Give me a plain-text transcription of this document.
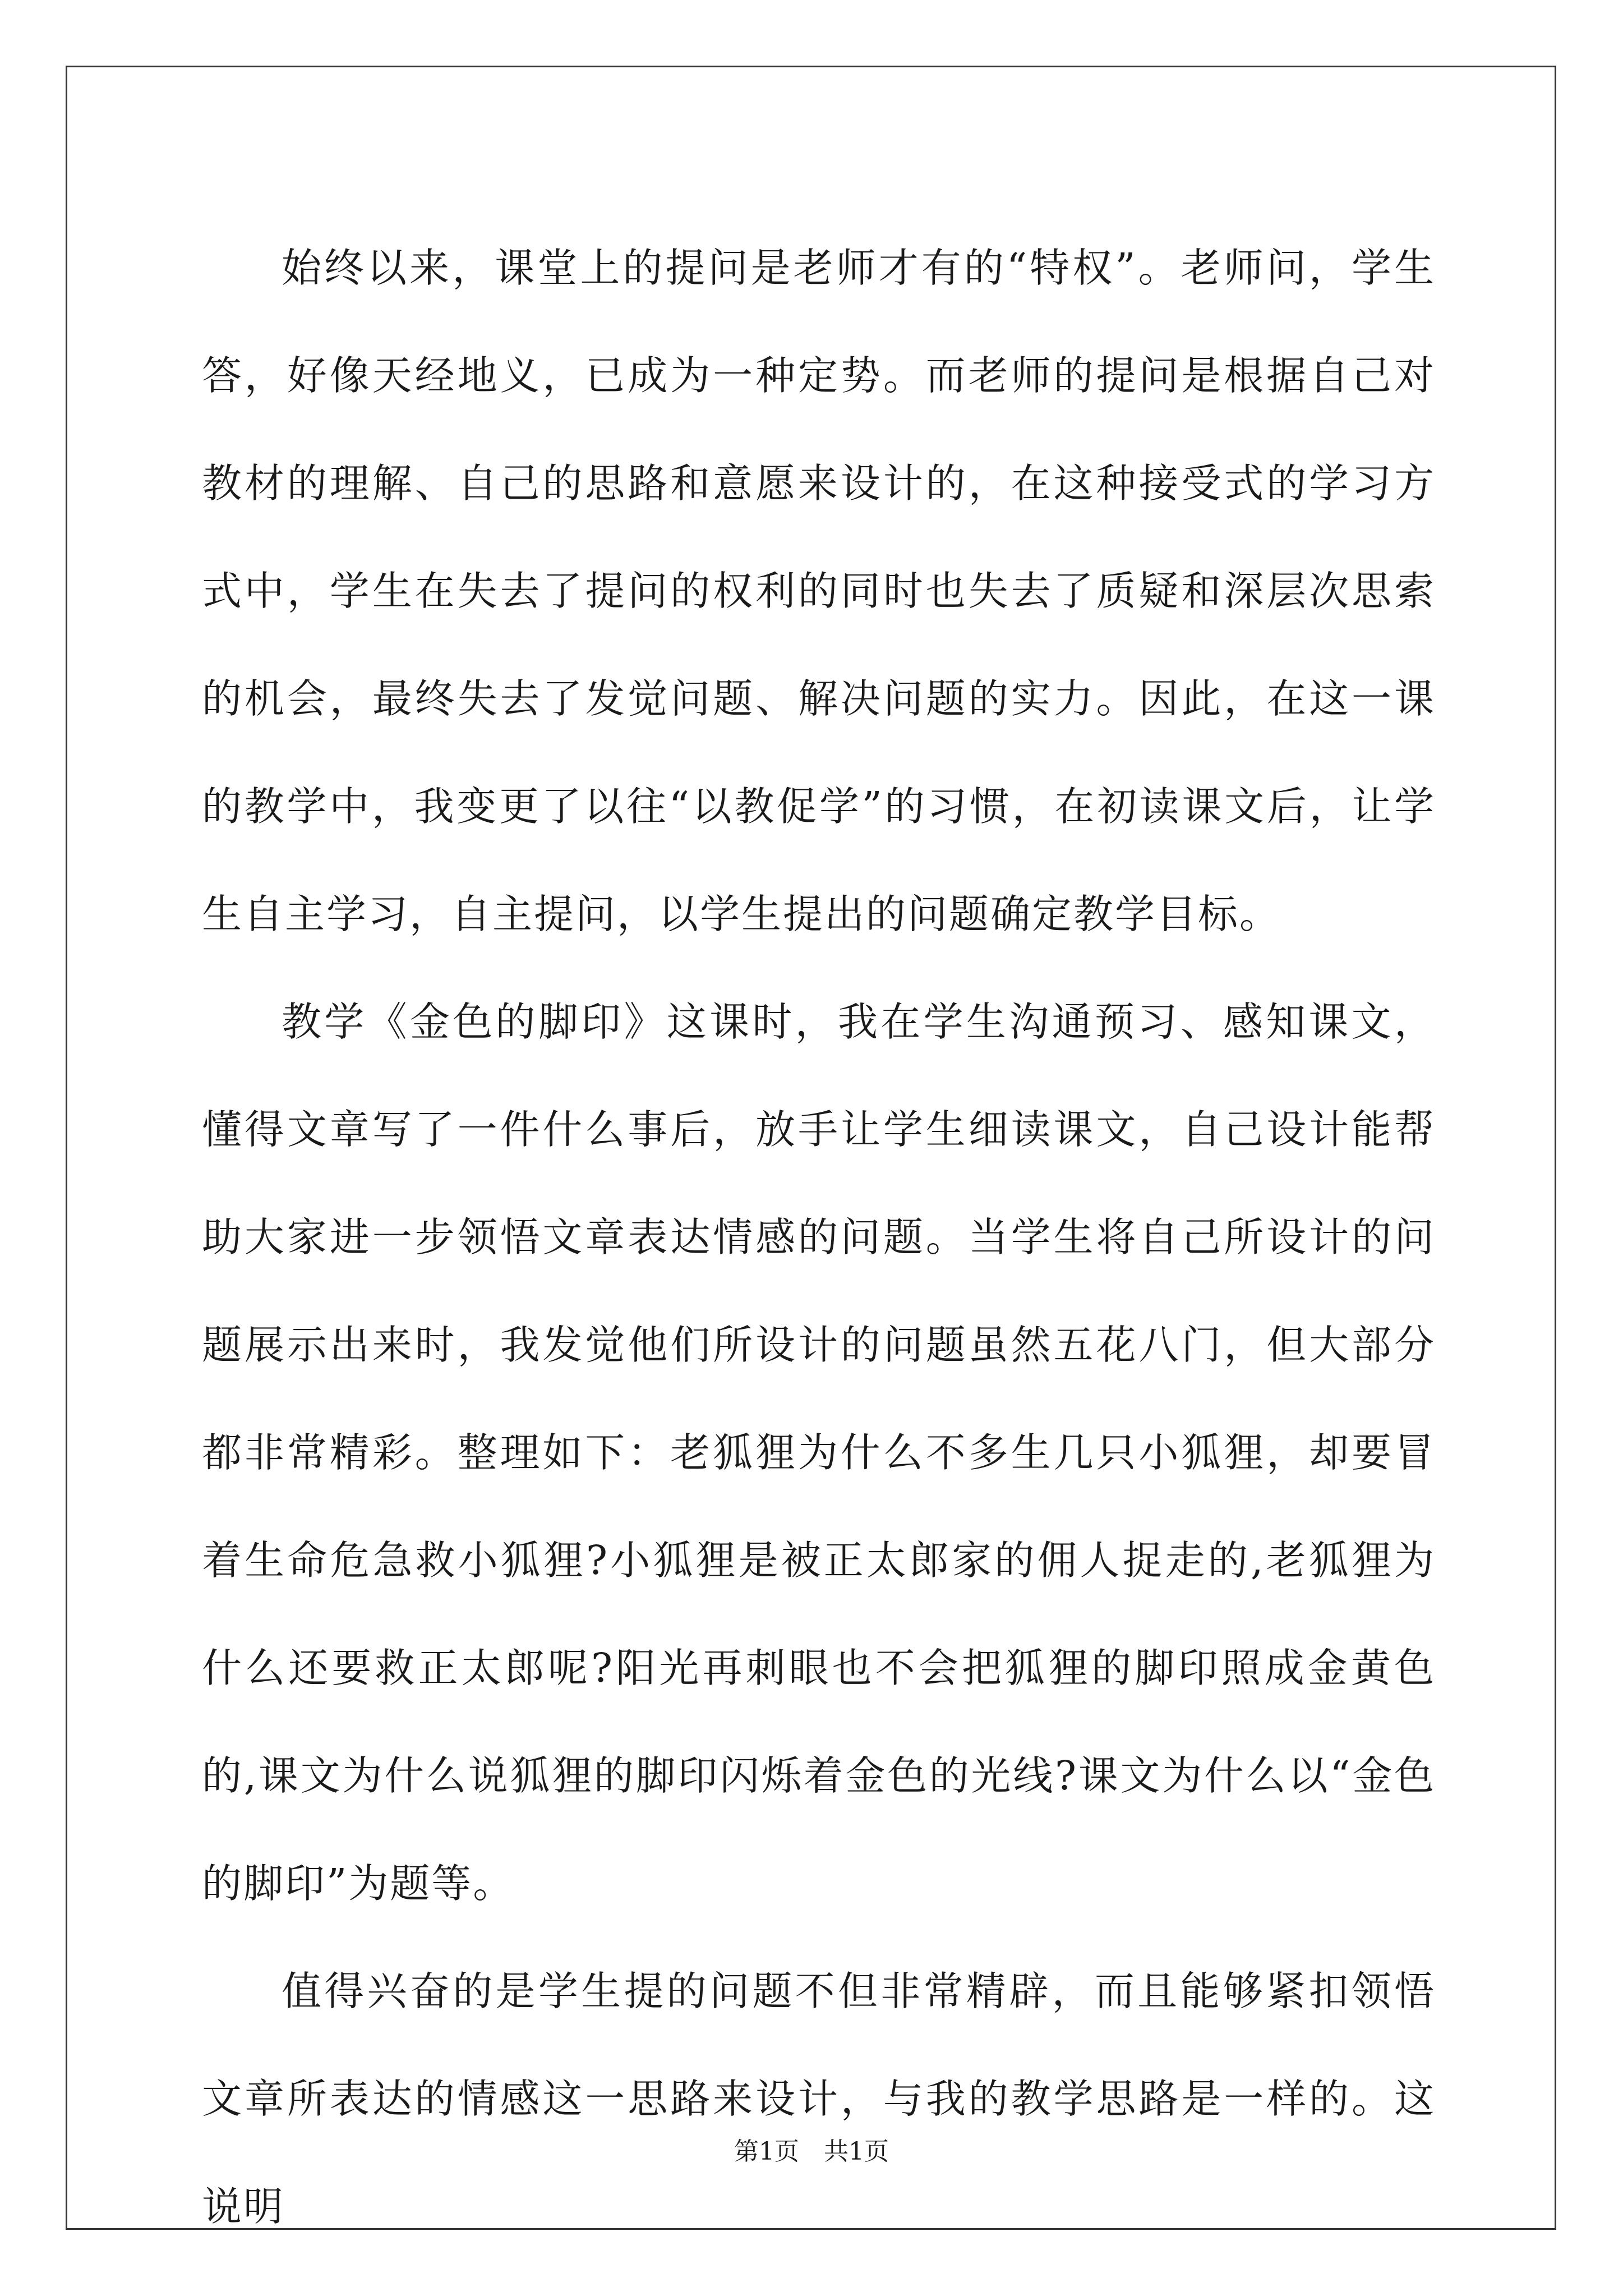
始终以来，课堂上的提问是老师才有的“特权”。老师问，学生答，好像天经地义，已成为一种定势。而老师的提问是根据自己对教材的理解、自己的思路和意愿来设计的，在这种接受式的学习方式中，学生在失去了提问的权利的同时也失去了质疑和深层次思索的机会，最终失去了发觉问题、解决问题的实力。因此，在这一课的教学中，我变更了以往“以教促学”的习惯，在初读课文后，让学生自主学习，自主提问，以学生提出的问题确定教学目标。

教学《金色的脚印》这课时，我在学生沟通预习、感知课文，懂得文章写了一件什么事后，放手让学生细读课文，自己设计能帮助大家进一步领悟文章表达情感的问题。当学生将自己所设计的问题展示出来时，我发觉他们所设计的问题虽然五花八门，但大部分都非常精彩。整理如下：老狐狸为什么不多生几只小狐狸，却要冒着生命危急救小狐狸?小狐狸是被正太郎家的佣人捉走的,老狐狸为什么还要救正太郎呢?阳光再刺眼也不会把狐狸的脚印照成金黄色的,课文为什么说狐狸的脚印闪烁着金色的光线?课文为什么以“金色的脚印”为题等。

值得兴奋的是学生提的问题不但非常精辟，而且能够紧扣领悟文章所表达的情感这一思路来设计，与我的教学思路是一样的。这说明

第1页 共1页
